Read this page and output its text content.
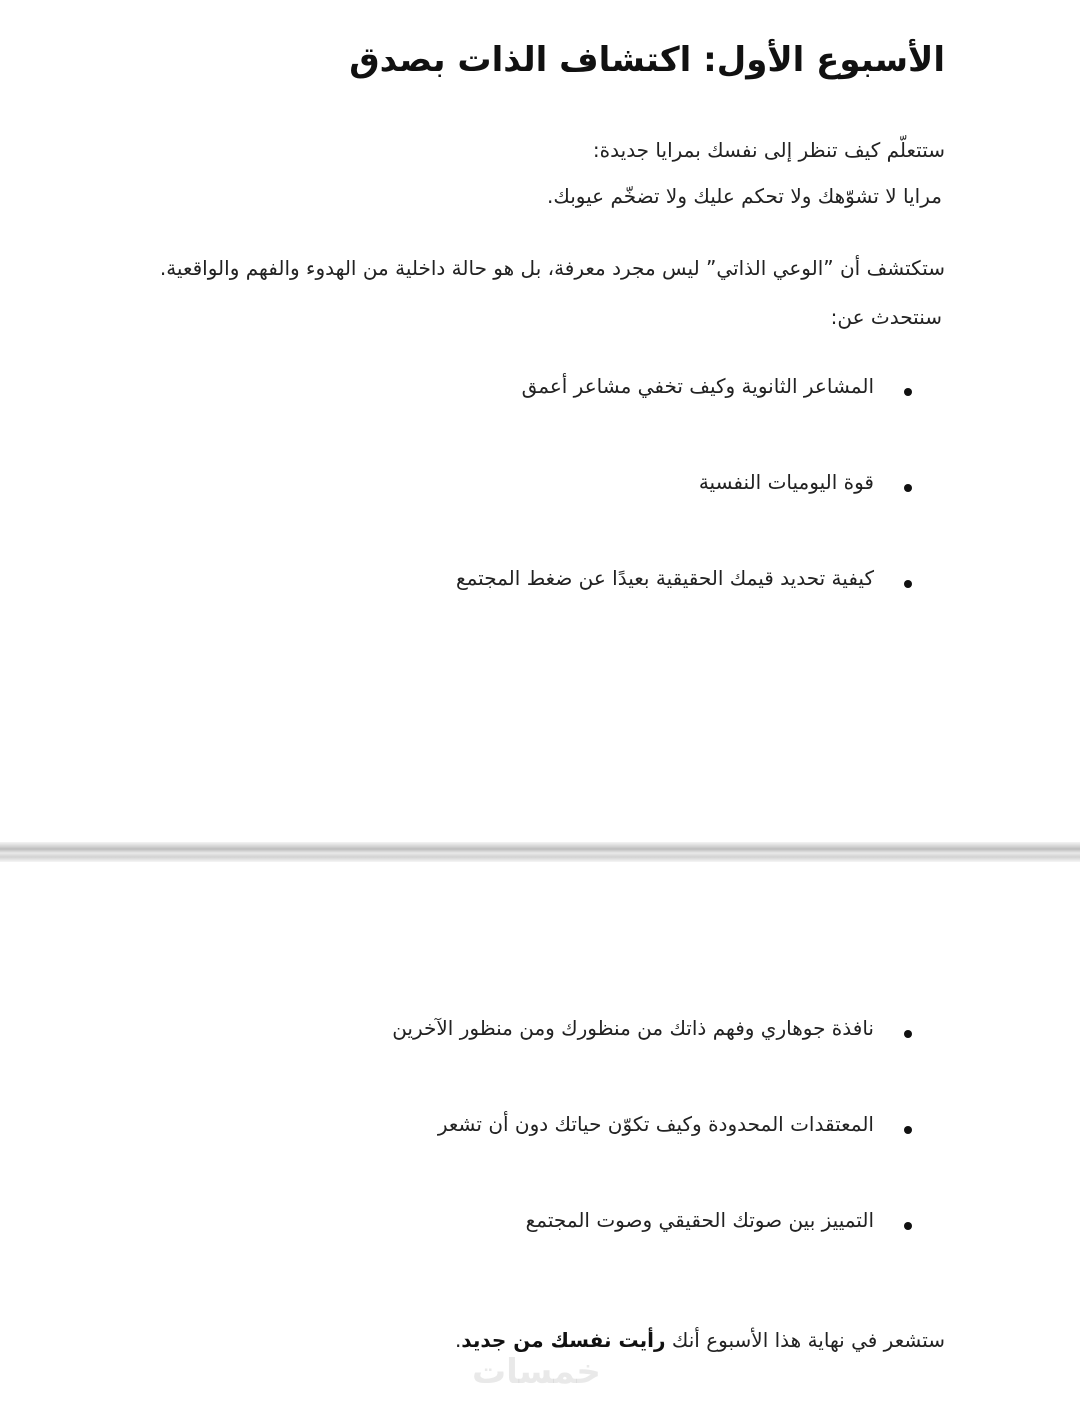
الأسبوع الأول: اكتشاف الذات بصدق

ستتعلّم كيف تنظر إلى نفسك بمرايا جديدة:

مرايا لا تشوّهك ولا تحكم عليك ولا تضخّم عيوبك.

ستكتشف أن ”الوعي الذاتي” ليس مجرد معرفة، بل هو حالة داخلية من الهدوء والفهم والواقعية.

سنتحدث عن:

المشاعر الثانوية وكيف تخفي مشاعر أعمق
قوة اليوميات النفسية
كيفية تحديد قيمك الحقيقية بعيدًا عن ضغط المجتمع
نافذة جوهاري وفهم ذاتك من منظورك ومن منظور الآخرين
المعتقدات المحدودة وكيف تكوّن حياتك دون أن تشعر
التمييز بين صوتك الحقيقي وصوت المجتمع

ستشعر في نهاية هذا الأسبوع أنك رأيت نفسك من جديد.

خمسات
